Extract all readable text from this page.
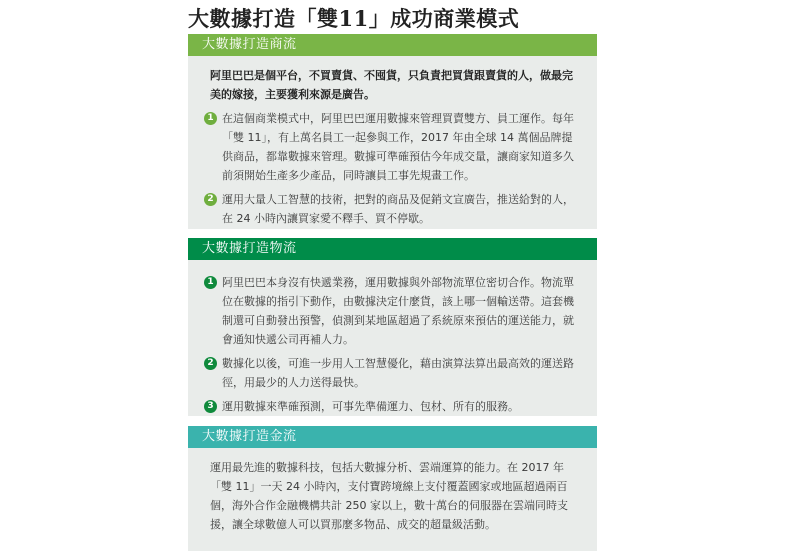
大數據打造「雙11」成功商業模式
大數據打造商流
阿里巴巴是個平台，不買賣貨、不囤貨，只負責把買貨跟賣貨的人，做最完美的嫁接，主要獲利來源是廣告。
1 在這個商業模式中，阿里巴巴運用數據來管理買賣雙方、員工運作。每年「雙 11」，有上萬名員工一起參與工作，2017 年由全球 14 萬個品牌提供商品，都靠數據來管理。數據可準確預估今年成交量，讓商家知道多久前須開始生產多少產品，同時讓員工事先規畫工作。
2 運用大量人工智慧的技術，把對的商品及促銷文宣廣告，推送給對的人，在 24 小時內讓買家愛不釋手、買不停歇。
大數據打造物流
1 阿里巴巴本身沒有快遞業務，運用數據與外部物流單位密切合作。物流單位在數據的指引下動作，由數據決定什麼貨，該上哪一個輸送帶。這套機制還可自動發出預警，偵測到某地區超過了系統原來預估的運送能力，就會通知快遞公司再補人力。
2 數據化以後，可進一步用人工智慧優化，藉由演算法算出最高效的運送路徑，用最少的人力送得最快。
3 運用數據來準確預測，可事先準備運力、包材、所有的服務。
大數據打造金流
運用最先進的數據科技，包括大數據分析、雲端運算的能力。在 2017 年「雙 11」一天 24 小時內，支付寶跨境線上支付覆蓋國家或地區超過兩百個，海外合作金融機構共計 250 家以上，數十萬台的伺服器在雲端同時支援，讓全球數億人可以買那麼多物品、成交的超量級活動。
